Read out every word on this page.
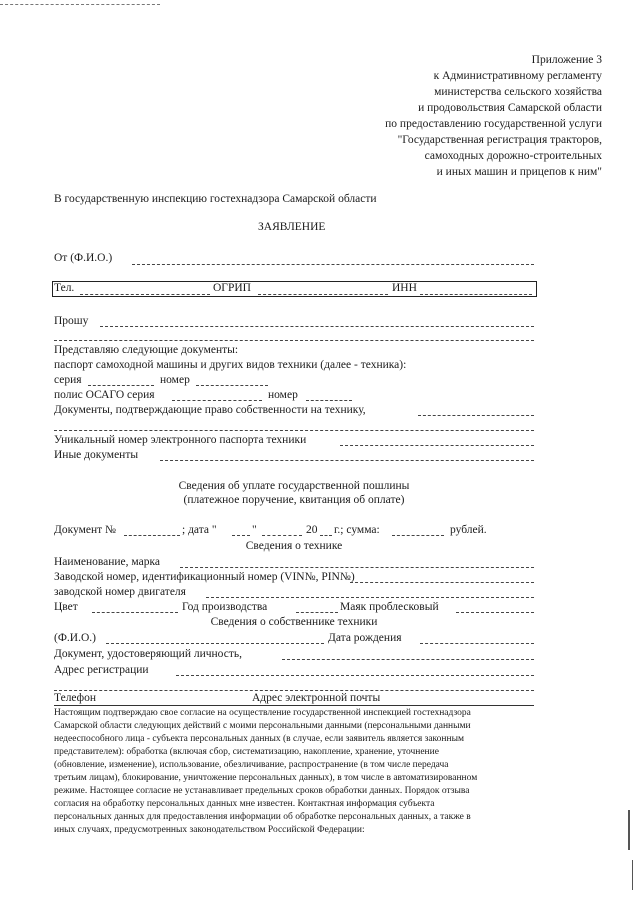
Приложение 3
к Административному регламенту
министерства сельского хозяйства
и продовольствия Самарской области
по предоставлению государственной услуги
"Государственная регистрация тракторов,
самоходных дорожно-строительных
и иных машин и прицепов к ним"
В государственную инспекцию гостехнадзора Самарской области
ЗАЯВЛЕНИЕ
От (Ф.И.О.)
Тел.	ОГРИП	ИНН
Прошу
Представляю следующие документы:
паспорт самоходной машины и других видов техники (далее - техника):
серия	номер
полис ОСАГО серия	номер
Документы, подтверждающие право собственности на технику,
Уникальный номер электронного паспорта техники
Иные документы
Сведения об уплате государственной пошлины
(платежное поручение, квитанция об оплате)
Документ №	; дата "	"	20 г.; сумма:	рублей.
Сведения о технике
Наименование, марка
Заводской номер, идентификационный номер (VIN№, PIN№)
заводской номер двигателя
Цвет	Год производства	Маяк проблесковый
Сведения о собственнике техники
(Ф.И.О.)	Дата рождения
Документ, удостоверяющий личность,
Адрес регистрации
Телефон	Адрес электронной почты
Настоящим подтверждаю свое согласие на осуществление государственной инспекцией гостехнадзора
Самарской области следующих действий с моими персональными данными (персональными данными
недееспособного лица - субъекта персональных данных (в случае, если заявитель является законным
представителем): обработка (включая сбор, систематизацию, накопление, хранение, уточнение
(обновление, изменение), использование, обезличивание, распространение (в том числе передача
третьим лицам), блокирование, уничтожение персональных данных), в том числе в автоматизированном
режиме. Настоящее согласие не устанавливает предельных сроков обработки данных. Порядок отзыва
согласия на обработку персональных данных мне известен. Контактная информация субъекта
персональных данных для предоставления информации об обработке персональных данных, а также в
иных случаях, предусмотренных законодательством Российской Федерации:
